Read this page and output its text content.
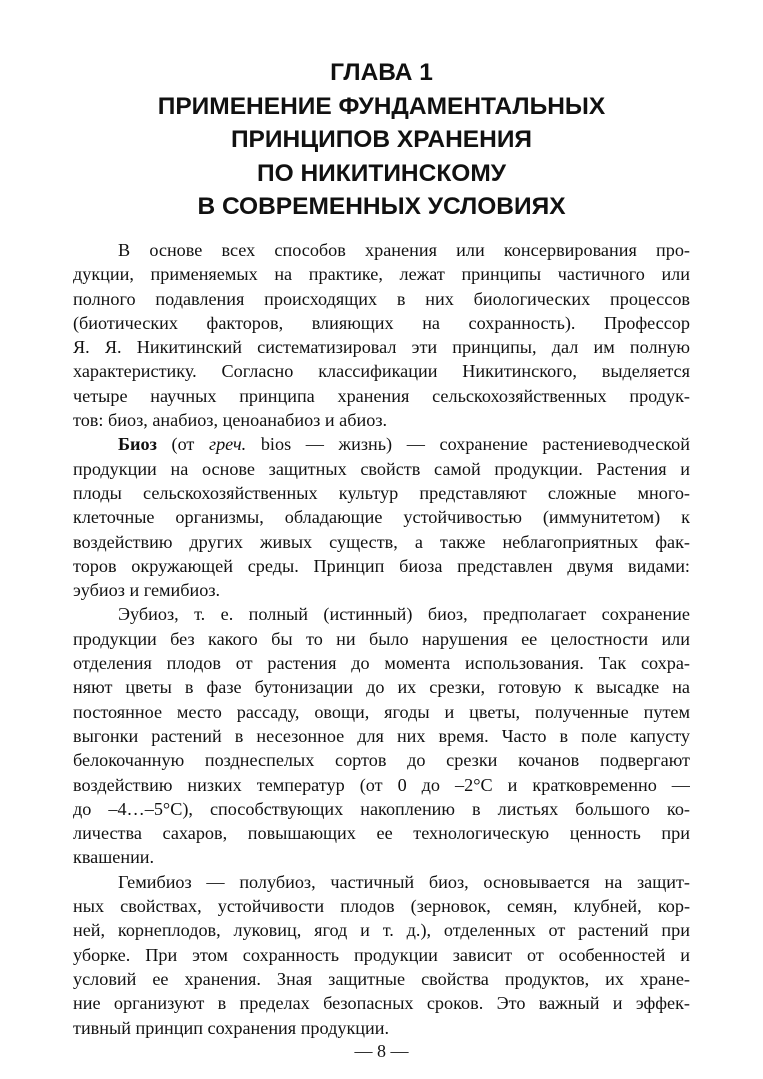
ГЛАВА 1
ПРИМЕНЕНИЕ ФУНДАМЕНТАЛЬНЫХ
ПРИНЦИПОВ ХРАНЕНИЯ
ПО НИКИТИНСКОМУ
В СОВРЕМЕННЫХ УСЛОВИЯХ
В основе всех способов хранения или консервирования про-
дукции, применяемых на практике, лежат принципы частичного или
полного подавления происходящих в них биологических процессов
(биотических факторов, влияющих на сохранность). Профессор
Я. Я. Никитинский систематизировал эти принципы, дал им полную
характеристику. Согласно классификации Никитинского, выделяется
четыре научных принципа хранения сельскохозяйственных продук-
тов: биоз, анабиоз, ценоанабиоз и абиоз.
Биоз (от греч. bios — жизнь) — сохранение растениеводческой
продукции на основе защитных свойств самой продукции. Растения и
плоды сельскохозяйственных культур представляют сложные много-
клеточные организмы, обладающие устойчивостью (иммунитетом) к
воздействию других живых существ, а также неблагоприятных фак-
торов окружающей среды. Принцип биоза представлен двумя видами:
эубиоз и гемибиоз.
Эубиоз, т. е. полный (истинный) биоз, предполагает сохранение
продукции без какого бы то ни было нарушения ее целостности или
отделения плодов от растения до момента использования. Так сохра-
няют цветы в фазе бутонизации до их срезки, готовую к высадке на
постоянное место рассаду, овощи, ягоды и цветы, полученные путем
выгонки растений в несезонное для них время. Часто в поле капусту
белокочанную позднеспелых сортов до срезки кочанов подвергают
воздействию низких температур (от 0 до –2°С и кратковременно —
до –4…–5°С), способствующих накоплению в листьях большого ко-
личества сахаров, повышающих ее технологическую ценность при
квашении.
Гемибиоз — полубиоз, частичный биоз, основывается на защит-
ных свойствах, устойчивости плодов (зерновок, семян, клубней, кор-
ней, корнеплодов, луковиц, ягод и т. д.), отделенных от растений при
уборке. При этом сохранность продукции зависит от особенностей и
условий ее хранения. Зная защитные свойства продуктов, их хране-
ние организуют в пределах безопасных сроков. Это важный и эффек-
тивный принцип сохранения продукции.
— 8 —
